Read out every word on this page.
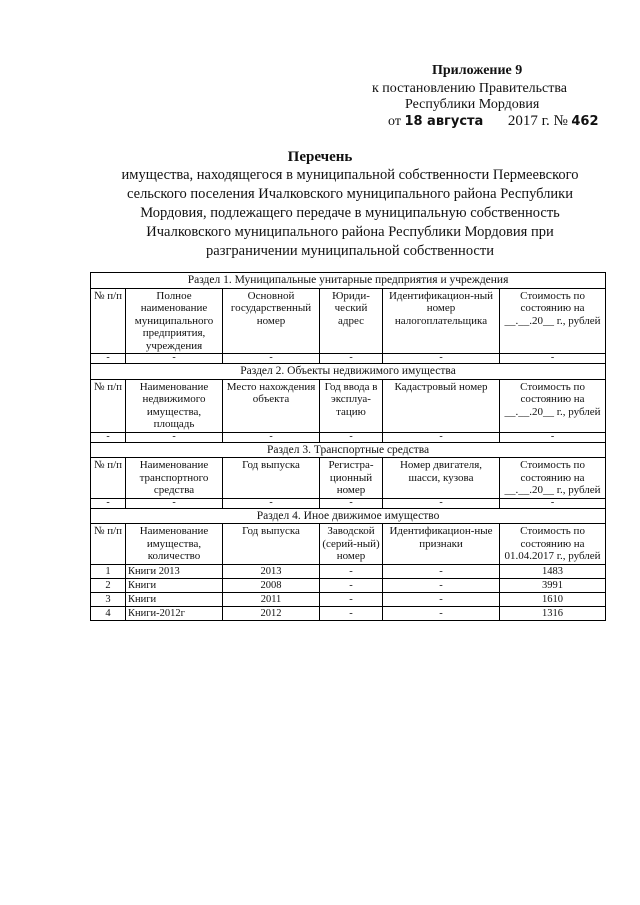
Приложение 9
к постановлению Правительства
Республики Мордовия
от 18 августа 2017 г. № 462
Перечень
имущества, находящегося в муниципальной собственности Пермеевского сельского поселения Ичалковского муниципального района Республики Мордовия, подлежащего передаче в муниципальную собственность Ичалковского муниципального района Республики Мордовия при разграничении муниципальной собственности
Раздел 1. Муниципальные унитарные предприятия и учреждения					
№ п/п	Полное наименование муниципального предприятия, учреждения	Основной государственный номер	Юриди-ческий адрес	Идентификацион-ный номер налогоплательщика	Стоимость по состоянию на __.__.20__ г., рублей
-	-	-	-	-	-
Раздел 2. Объекты недвижимого имущества					
№ п/п	Наименование недвижимого имущества, площадь	Место нахождения объекта	Год ввода в эксплуа-тацию	Кадастровый номер	Стоимость по состоянию на __.__.20__ г., рублей
-	-	-	-	-	-
Раздел 3. Транспортные средства					
№ п/п	Наименование транспортного средства	Год выпуска	Регистра-ционный номер	Номер двигателя, шасси, кузова	Стоимость по состоянию на __.__.20__ г., рублей
-	-	-	-	-	-
Раздел 4. Иное движимое имущество					
№ п/п	Наименование имущества, количество	Год выпуска	Заводской (серий-ный) номер	Идентификацион-ные признаки	Стоимость по состоянию на 01.04.2017 г., рублей
1	Книги 2013	2013	-	-	1483
2	Книги	2008	-	-	3991
3	Книги	2011	-	-	1610
4	Книги-2012г	2012	-	-	1316
